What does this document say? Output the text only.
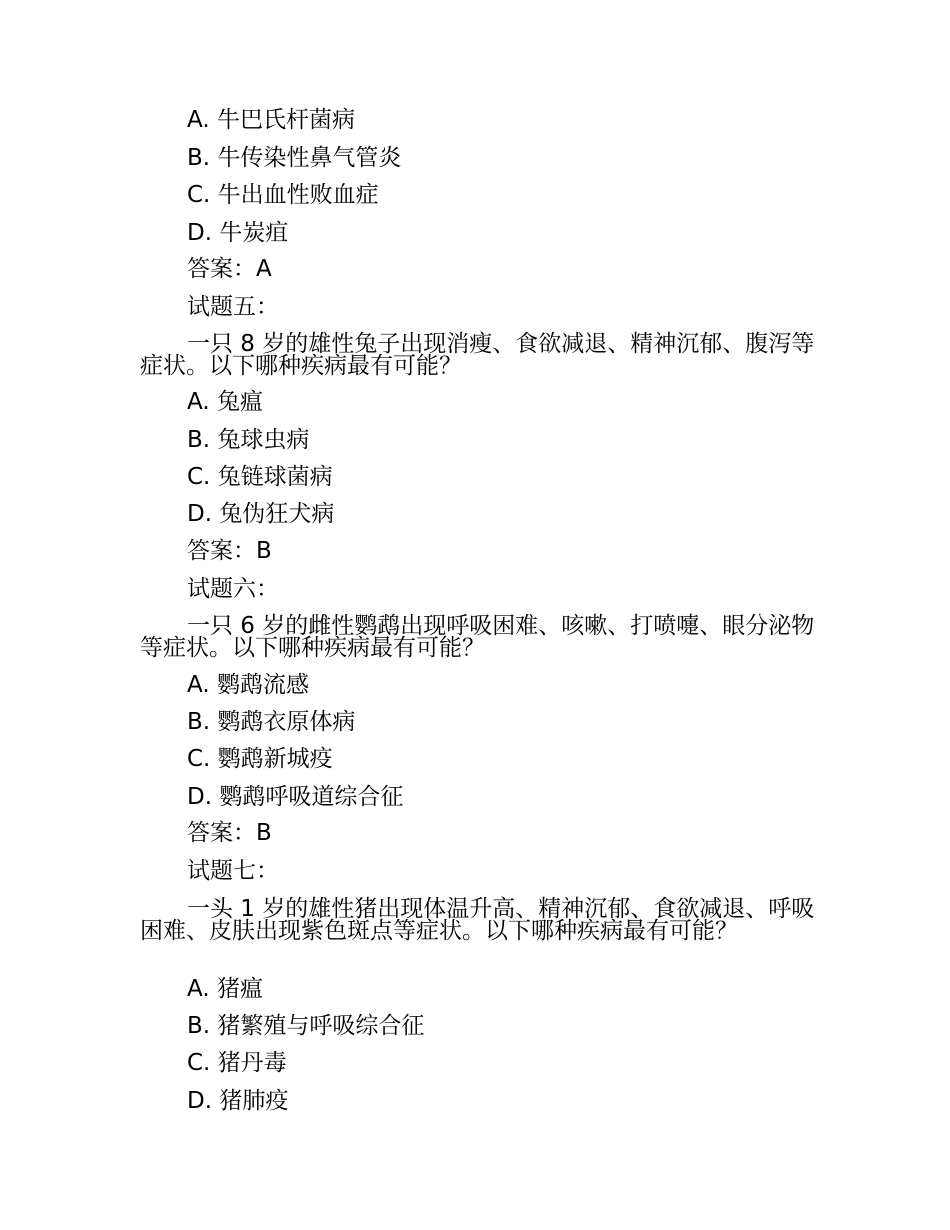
A. 牛巴氏杆菌病
B. 牛传染性鼻气管炎
C. 牛出血性败血症
D. 牛炭疽
答案：A
试题五：
一只 8 岁的雄性兔子出现消瘦、食欲减退、精神沉郁、腹泻等症状。以下哪种疾病最有可能？
A. 兔瘟
B. 兔球虫病
C. 兔链球菌病
D. 兔伪狂犬病
答案：B
试题六：
一只 6 岁的雌性鹦鹉出现呼吸困难、咳嗽、打喷嚏、眼分泌物等症状。以下哪种疾病最有可能？
A. 鹦鹉流感
B. 鹦鹉衣原体病
C. 鹦鹉新城疫
D. 鹦鹉呼吸道综合征
答案：B
试题七：
一头 1 岁的雄性猪出现体温升高、精神沉郁、食欲减退、呼吸困难、皮肤出现紫色斑点等症状。以下哪种疾病最有可能？
A. 猪瘟
B. 猪繁殖与呼吸综合征
C. 猪丹毒
D. 猪肺疫
